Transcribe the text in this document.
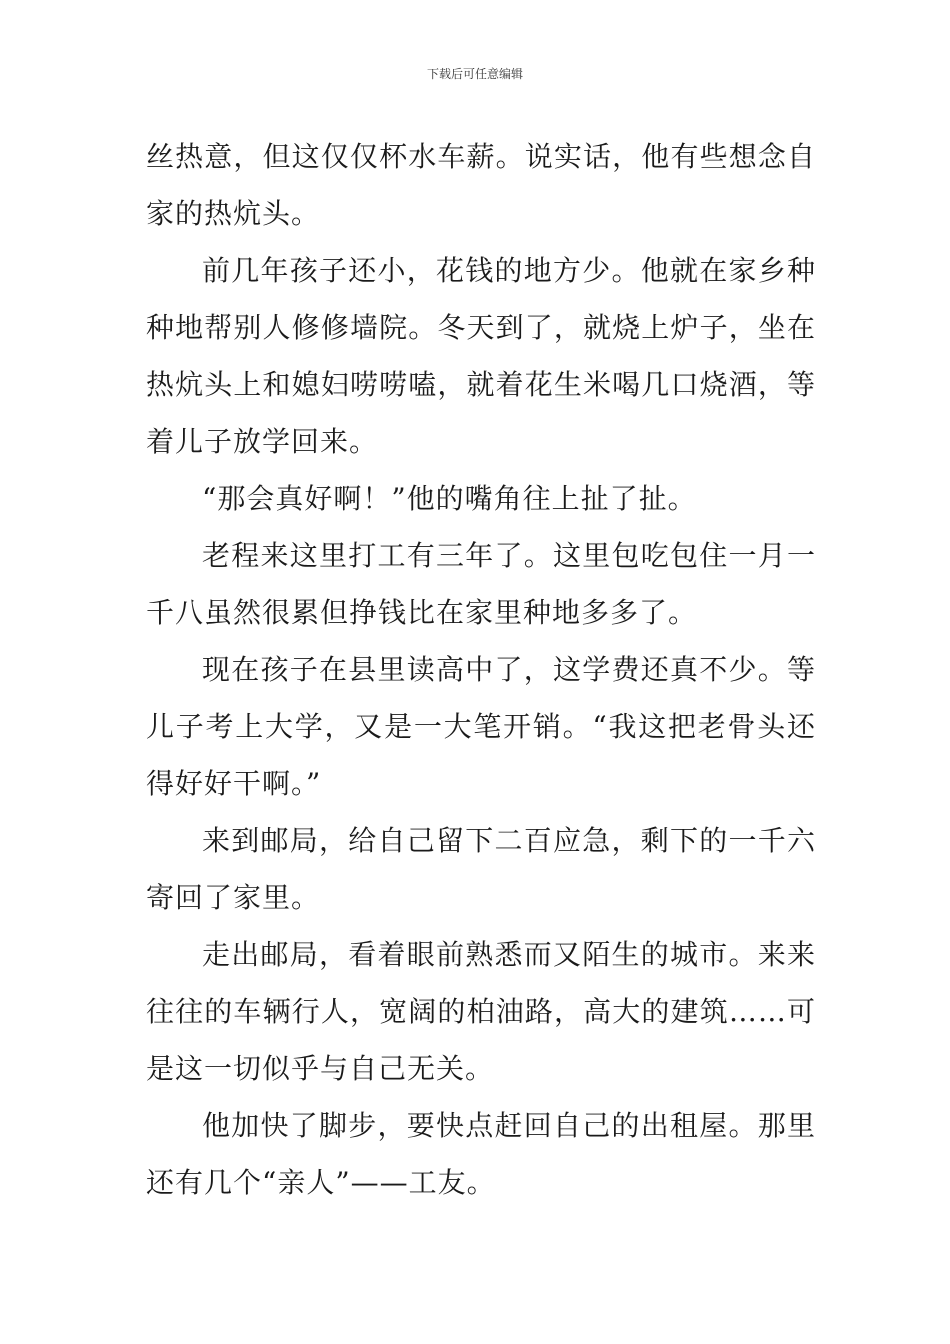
下载后可任意编辑

丝热意，但这仅仅杯水车薪。说实话，他有些想念自家的热炕头。

前几年孩子还小，花钱的地方少。他就在家乡种种地帮别人修修墙院。冬天到了，就烧上炉子，坐在热炕头上和媳妇唠唠嗑，就着花生米喝几口烧酒，等着儿子放学回来。

“那会真好啊！”他的嘴角往上扯了扯。

老程来这里打工有三年了。这里包吃包住一月一千八虽然很累但挣钱比在家里种地多多了。

现在孩子在县里读高中了，这学费还真不少。等儿子考上大学，又是一大笔开销。“我这把老骨头还得好好干啊。”

来到邮局，给自己留下二百应急，剩下的一千六寄回了家里。

走出邮局，看着眼前熟悉而又陌生的城市。来来往往的车辆行人，宽阔的柏油路，高大的建筑……可是这一切似乎与自己无关。

他加快了脚步，要快点赶回自己的出租屋。那里还有几个“亲人”——工友。
